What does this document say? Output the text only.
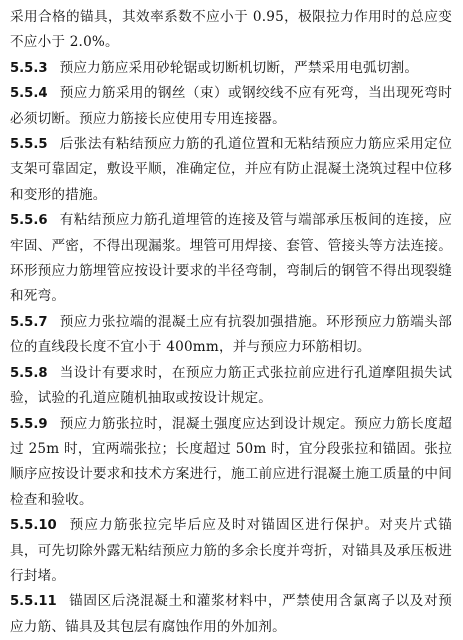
采用合格的锚具，其效率系数不应小于 0.95，极限拉力作用时的总应变不应小于 2.0%。

5.5.3 预应力筋应采用砂轮锯或切断机切断，严禁采用电弧切割。

5.5.4 预应力筋采用的钢丝（束）或钢绞线不应有死弯，当出现死弯时必须切断。预应力筋接长应使用专用连接器。

5.5.5 后张法有粘结预应力筋的孔道位置和无粘结预应力筋应采用定位支架可靠固定，敷设平顺，准确定位，并应有防止混凝土浇筑过程中位移和变形的措施。

5.5.6 有粘结预应力筋孔道埋管的连接及管与端部承压板间的连接，应牢固、严密，不得出现漏浆。埋管可用焊接、套管、管接头等方法连接。环形预应力筋埋管应按设计要求的半径弯制，弯制后的钢管不得出现裂缝和死弯。

5.5.7 预应力张拉端的混凝土应有抗裂加强措施。环形预应力筋端头部位的直线段长度不宜小于 400mm，并与预应力环筋相切。

5.5.8 当设计有要求时，在预应力筋正式张拉前应进行孔道摩阻损失试验，试验的孔道应随机抽取或按设计规定。

5.5.9 预应力筋张拉时，混凝土强度应达到设计规定。预应力筋长度超过 25m 时，宜两端张拉；长度超过 50m 时，宜分段张拉和锚固。张拉顺序应按设计要求和技术方案进行，施工前应进行混凝土施工质量的中间检查和验收。

5.5.10 预应力筋张拉完毕后应及时对锚固区进行保护。对夹片式锚具，可先切除外露无粘结预应力筋的多余长度并弯折，对锚具及承压板进行封堵。

5.5.11 锚固区后浇混凝土和灌浆材料中，严禁使用含氯离子以及对预应力筋、锚具及其包层有腐蚀作用的外加剂。
